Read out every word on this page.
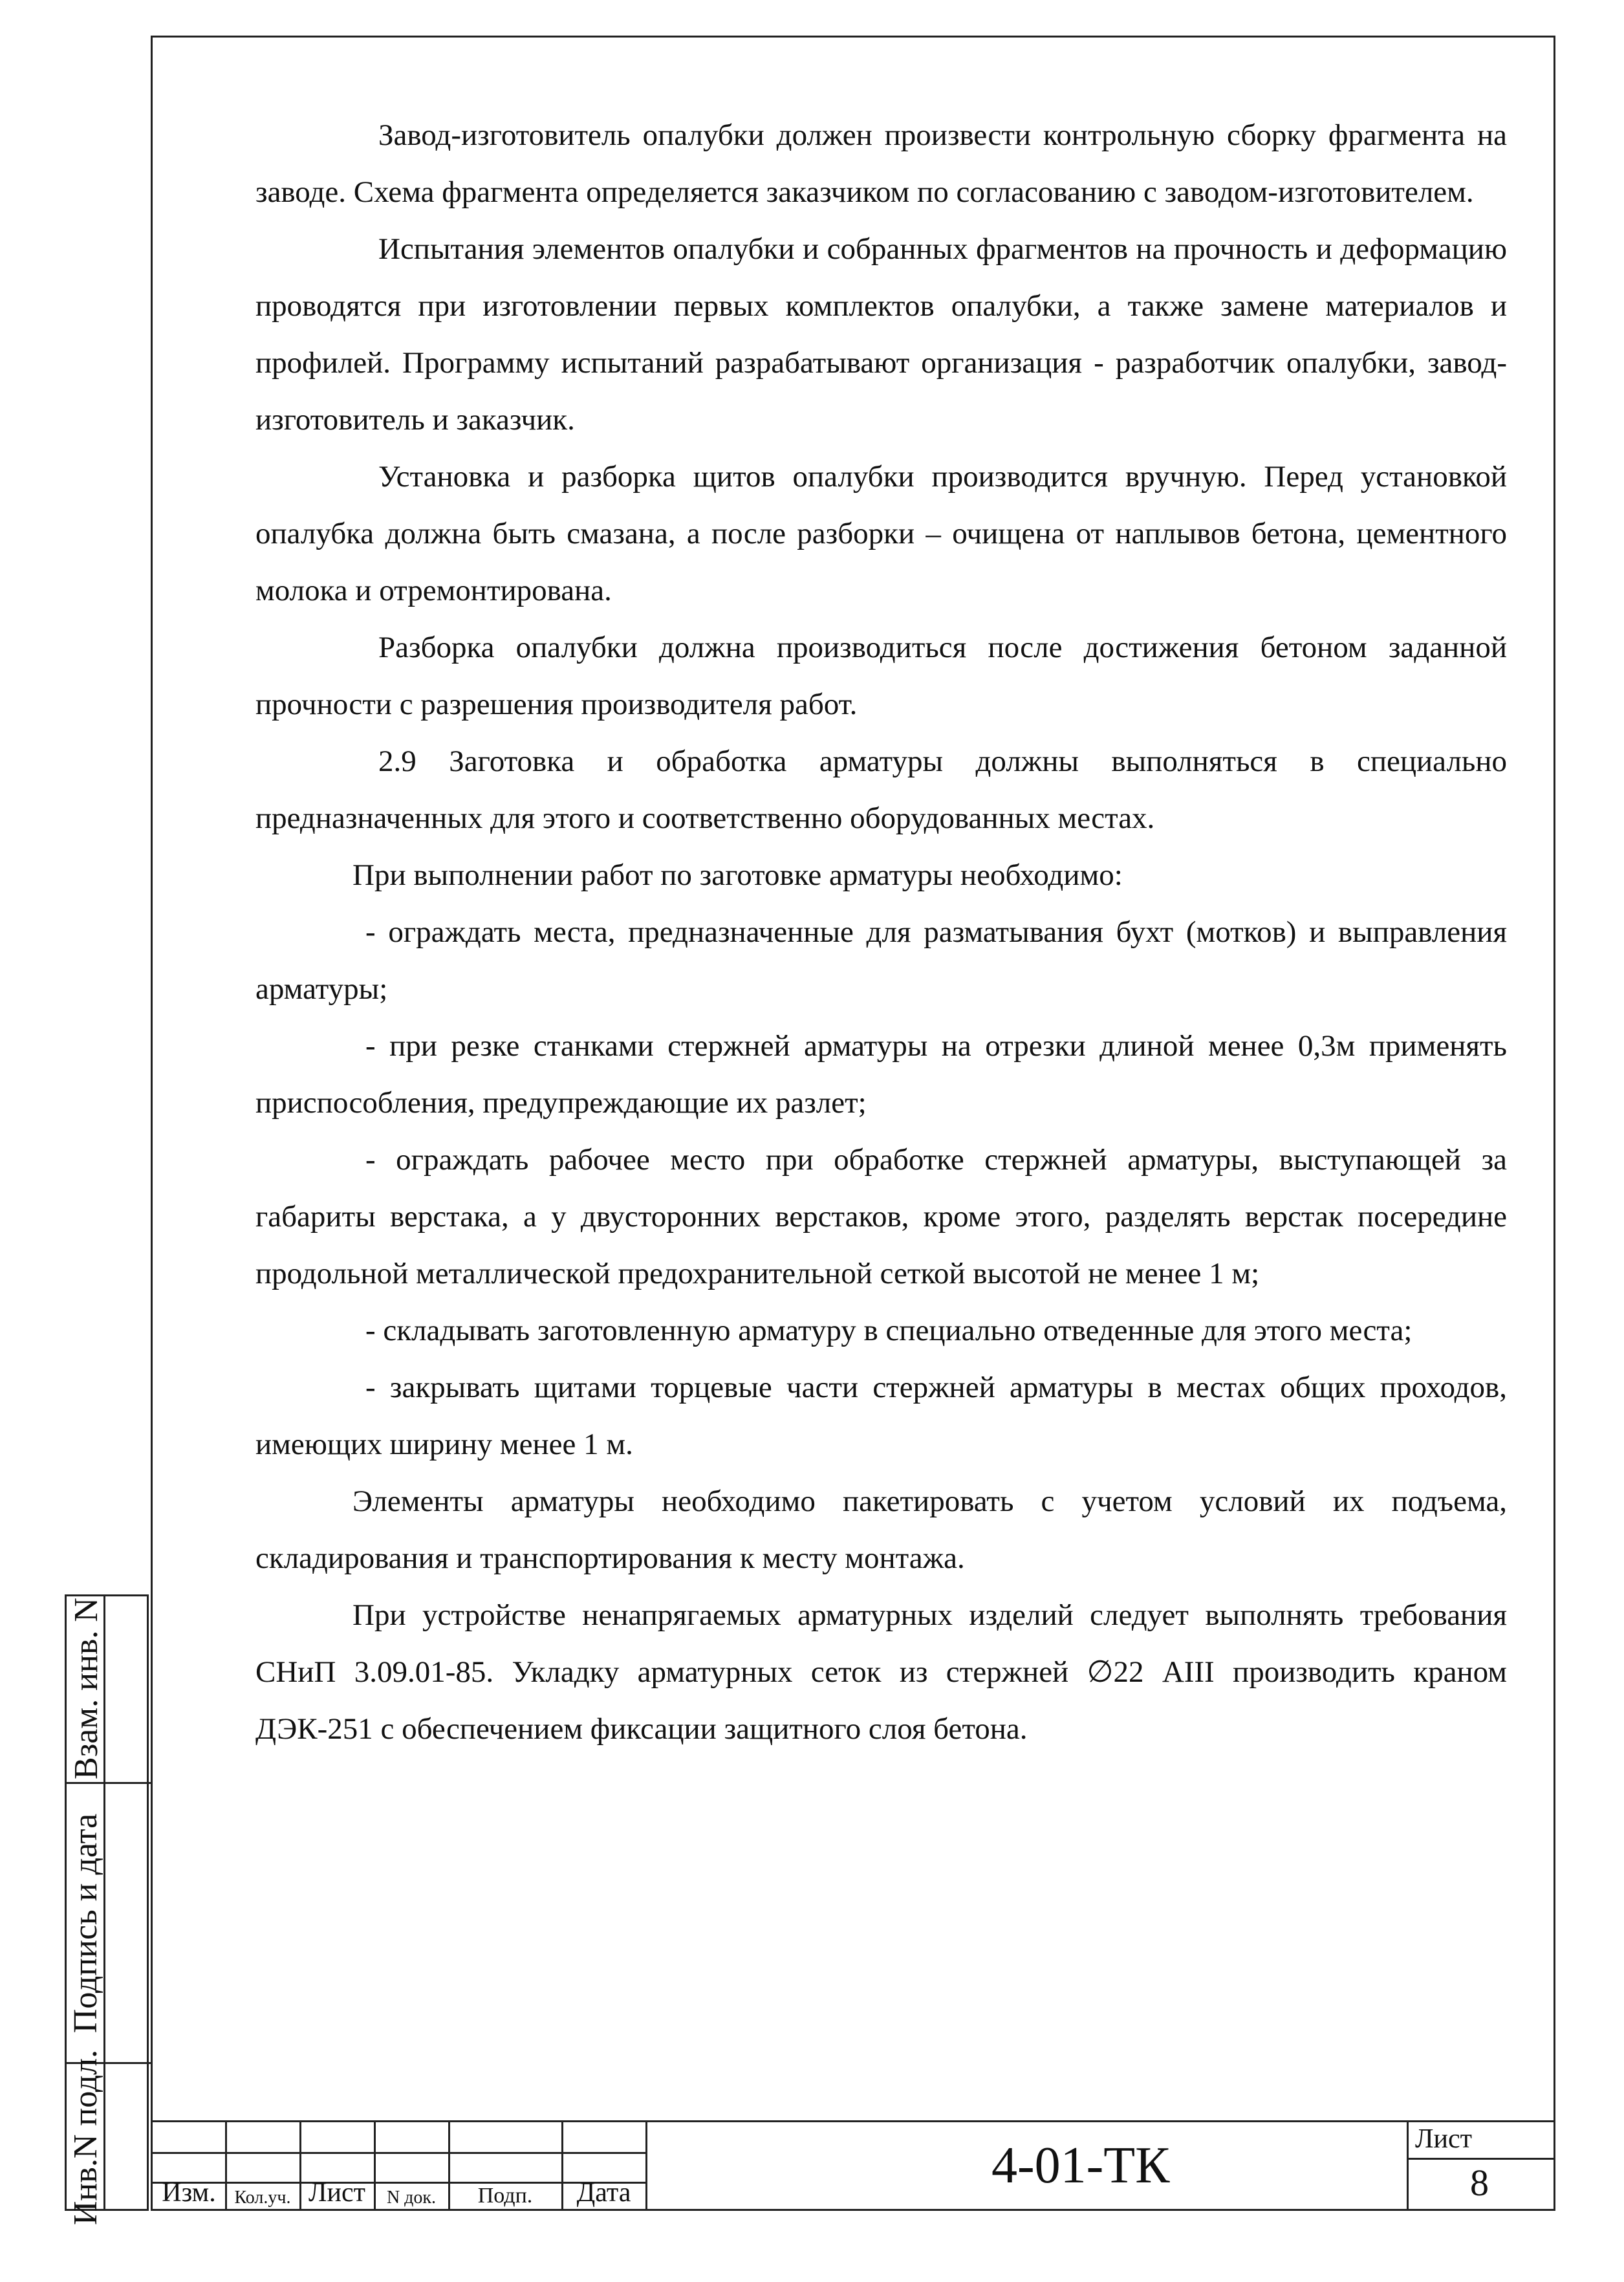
Завод-изготовитель опалубки должен произвести контрольную сборку фрагмента на заводе. Схема фрагмента определяется заказчиком по согласованию с заводом-изготовителем.

Испытания элементов опалубки и собранных фрагментов на прочность и деформацию проводятся при изготовлении первых комплектов опалубки, а также замене материалов и профилей. Программу испытаний разрабатывают организация - разработчик опалубки, завод-изготовитель и заказчик.

Установка и разборка щитов опалубки производится вручную. Перед установкой опалубка должна быть смазана, а после разборки – очищена от наплывов бетона, цементного молока и отремонтирована.

Разборка опалубки должна производиться после достижения бетоном заданной прочности с разрешения производителя работ.

2.9 Заготовка и обработка арматуры должны выполняться в специально предназначенных для этого и соответственно оборудованных местах.

При выполнении работ по заготовке арматуры необходимо:

- ограждать места, предназначенные для разматывания бухт (мотков) и выправления арматуры;

- при резке станками стержней арматуры на отрезки длиной менее 0,3м применять приспособления, предупреждающие их разлет;

- ограждать рабочее место при обработке стержней арматуры, выступающей за габариты верстака, а у двусторонних верстаков, кроме этого, разделять верстак посередине продольной металлической предохранительной сеткой высотой не менее 1 м;

- складывать заготовленную арматуру в специально отведенные для этого места;

- закрывать щитами торцевые части стержней арматуры в местах общих проходов, имеющих ширину менее 1 м.

Элементы арматуры необходимо пакетировать с учетом условий их подъема, складирования и транспортирования к месту монтажа.

При устройстве ненапрягаемых арматурных изделий следует выполнять требования СНиП 3.09.01-85. Укладку арматурных сеток из стержней ∅22 АIII производить краном ДЭК-251 с обеспечением фиксации защитного слоя бетона.

Взам. инв. N
Подпись и дата
Инв.N подл.	Изм.	Кол.уч. Лист	N док.	Подп.	Дата	4-01-ТК	Лист
8
